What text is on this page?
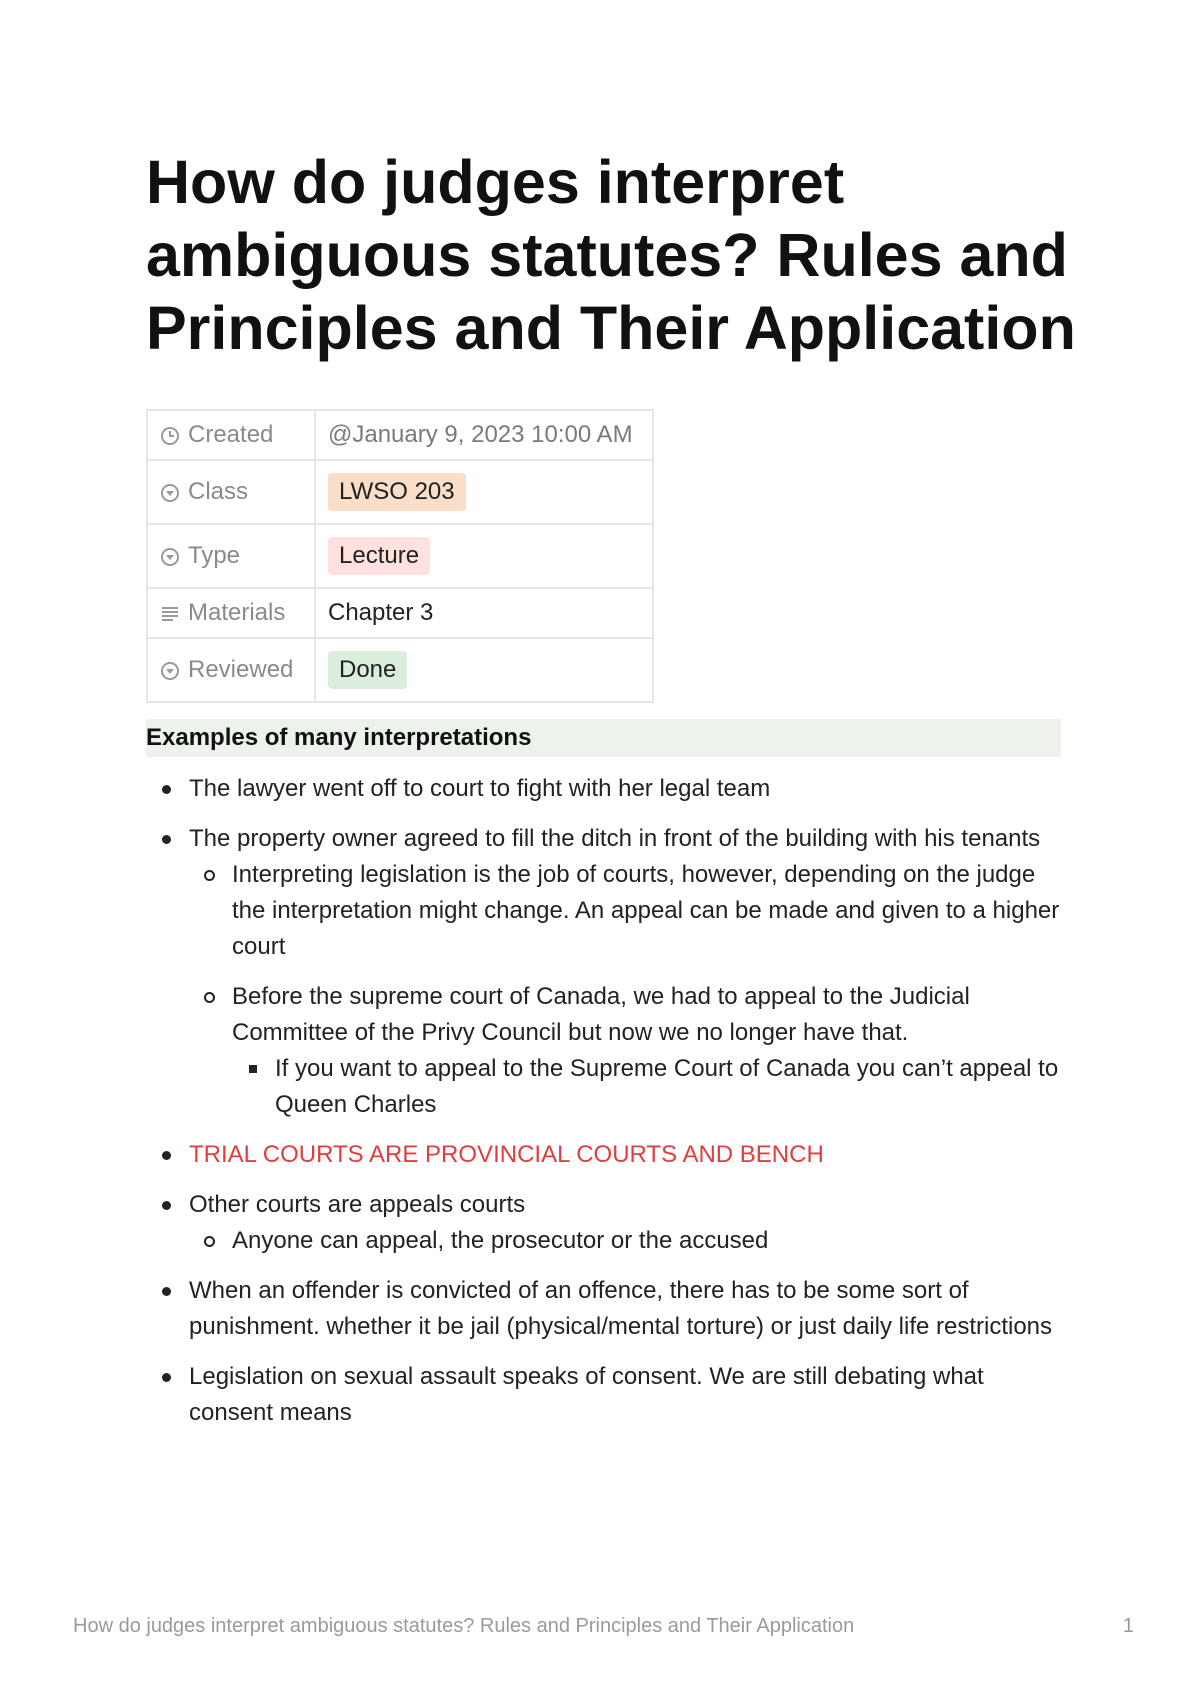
How do judges interpret ambiguous statutes? Rules and Principles and Their Application
Created	@January 9, 2023 10:00 AM
Class	LWSO 203
Type	Lecture
Materials	Chapter 3
Reviewed	Done
Examples of many interpretations
The lawyer went off to court to fight with her legal team
The property owner agreed to fill the ditch in front of the building with his tenants
Interpreting legislation is the job of courts, however, depending on the judge the interpretation might change. An appeal can be made and given to a higher court
Before the supreme court of Canada, we had to appeal to the Judicial Committee of the Privy Council but now we no longer have that.
If you want to appeal to the Supreme Court of Canada you can’t appeal to Queen Charles
TRIAL COURTS ARE PROVINCIAL COURTS AND BENCH
Other courts are appeals courts
Anyone can appeal, the prosecutor or the accused
When an offender is convicted of an offence, there has to be some sort of punishment. whether it be jail (physical/mental torture) or just daily life restrictions
Legislation on sexual assault speaks of consent. We are still debating what consent means
How do judges interpret ambiguous statutes? Rules and Principles and Their Application	1
